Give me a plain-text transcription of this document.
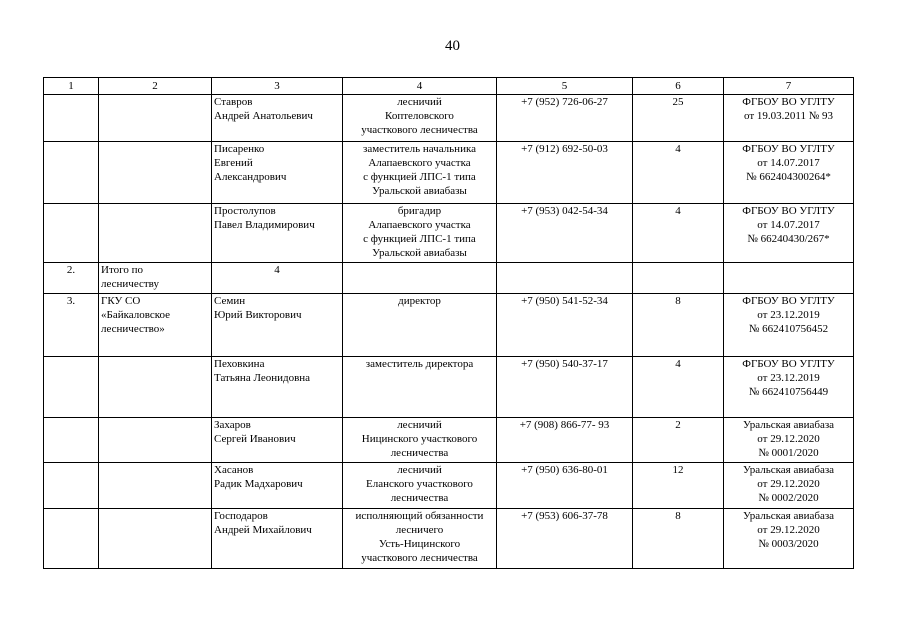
40
1	2	3	4	5	6	7
		Ставров
Андрей Анатольевич	лесничий
Коптеловского
участкового лесничества	+7 (952) 726-06-27	25	ФГБОУ ВО УГЛТУ
от 19.03.2011 № 93
		Писаренко
Евгений
Александрович	заместитель начальника
Алапаевского участка
с функцией ЛПС-1 типа
Уральской авиабазы	+7 (912) 692-50-03	4	ФГБОУ ВО УГЛТУ
от 14.07.2017
№ 662404300264*
		Простолупов
Павел Владимирович	бригадир
Алапаевского участка
с функцией ЛПС-1 типа
Уральской авиабазы	+7 (953) 042-54-34	4	ФГБОУ ВО УГЛТУ
от 14.07.2017
№ 66240430/267*
2.	Итого по
лесничеству	4				
3.	ГКУ СО
«Байкаловское
лесничество»	Семин
Юрий Викторович	директор	+7 (950) 541-52-34	8	ФГБОУ ВО УГЛТУ
от 23.12.2019
№ 662410756452
		Пеховкина
Татьяна Леонидовна	заместитель директора	+7 (950) 540-37-17	4	ФГБОУ ВО УГЛТУ
от 23.12.2019
№ 662410756449
		Захаров
Сергей Иванович	лесничий
Ницинского участкового
лесничества	+7 (908) 866-77- 93	2	Уральская авиабаза
от 29.12.2020
№ 0001/2020
		Хасанов
Радик Мадхарович	лесничий
Еланского участкового
лесничества	+7 (950) 636-80-01	12	Уральская авиабаза
от 29.12.2020
№ 0002/2020
		Господаров
Андрей Михайлович	исполняющий обязанности
лесничего
Усть-Ницинского
участкового лесничества	+7 (953) 606-37-78	8	Уральская авиабаза
от 29.12.2020
№ 0003/2020
